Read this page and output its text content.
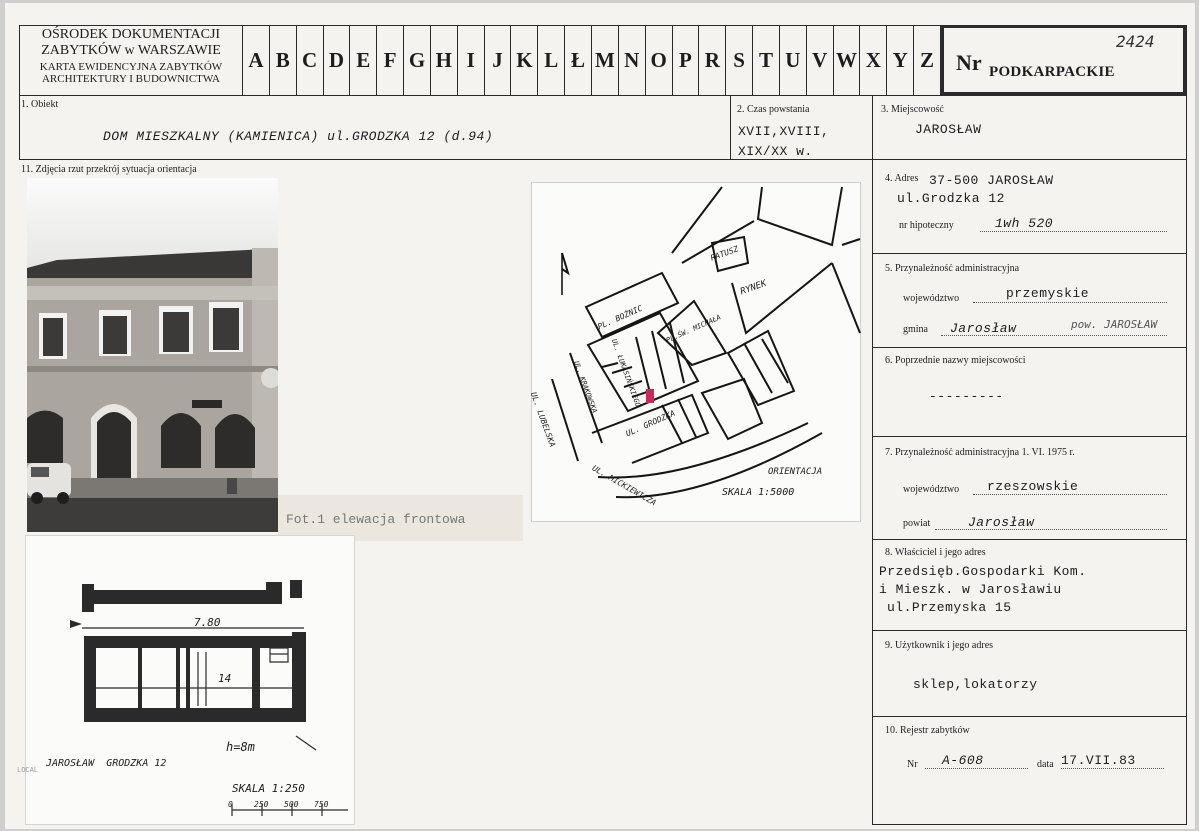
OŚRODEK DOKUMENTACJI
ZABYTKÓW w WARSZAWIE
KARTA EWIDENCYJNA ZABYTKÓW
ARCHITEKTURY I BUDOWNICTWA
A B C D E F G H I J K L Ł M N O P R S T U V W X Y Z Nr PODKARPACKIE
2424
1. Obiekt
DOM MIESZKALNY (KAMIENICA) ul.GRODZKA 12 (d.94)
2. Czas powstania
XVII,XVIII,
XIX/XX w.
3. Miejscowość
JAROSŁAW
4. Adres 37-500 JAROSŁAW
ul.Grodzka 12
nr hipoteczny	1wh 520
5. Przynależność administracyjna
województwo	przemyskie
gmina Jarosław	pow. JAROSŁAW
6. Poprzednie nazwy miejscowości
---------
7. Przynależność administracyjna 1. VI. 1975 r.
województwo rzeszowskie
powiat	Jarosław
8. Właściciel i jego adres
Przedsięb.Gospodarki Kom.
i Mieszk. w Jarosławiu
ul.Przemyska 15
9. Użytkownik i jego adres
sklep,lokatorzy
10. Rejestr zabytków
Nr A-608	data 17.VII.83
11. Zdjęcia rzut przekrój sytuacja orientacja
Fot.1 elewacja frontowa
RATUSZ
RYNEK
PL. BOŻNIC	PL.ŚW. MICHAŁA
UL. GRODZKA
UL. LUBELSKA
UL. KRAKOWSKA UL. ŁUKASIŃSKIEGO
UL. MICKIEWICZA	ORIENTACJA
SKALA 1:5000
7.80
14
h=8m
JAROSŁAW  GRODZKA 12
SKALA 1:250
0	250 500 750
LOCAL
